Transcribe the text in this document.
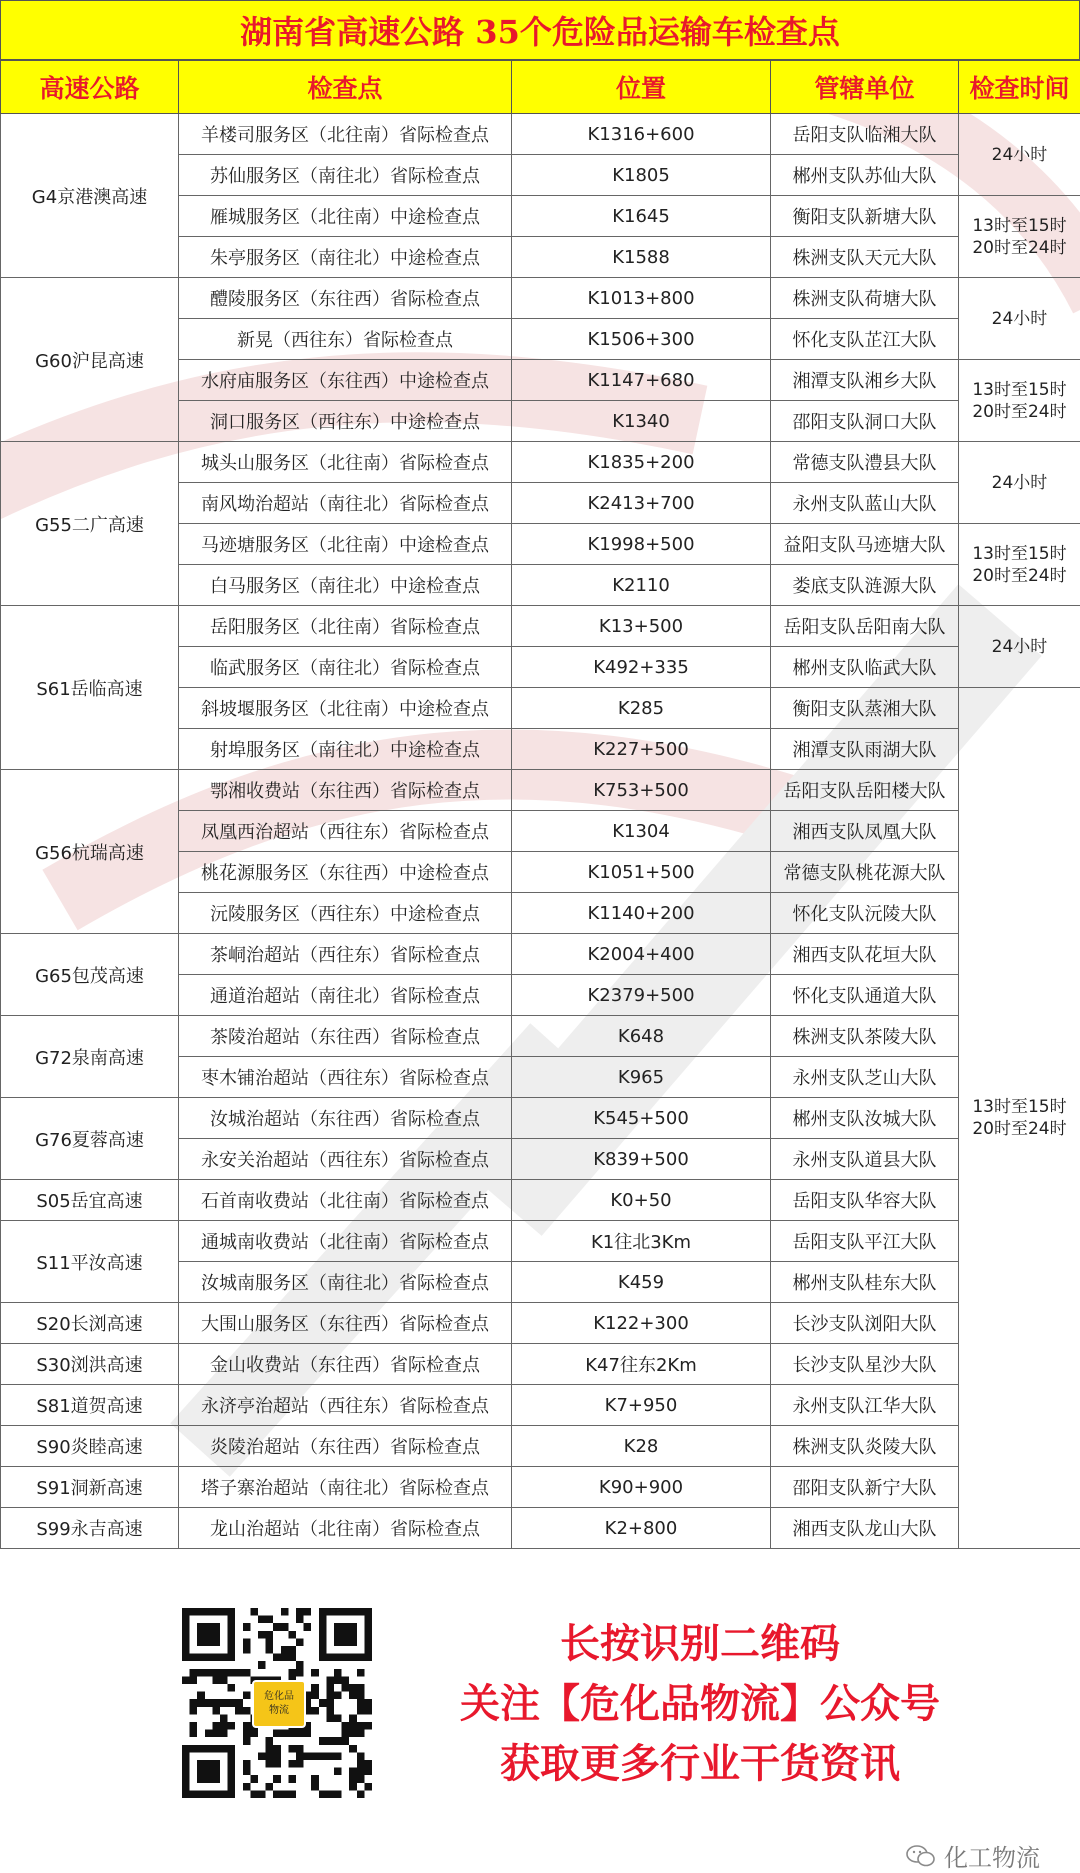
湖南省高速公路 35个危险品运输车检查点
高速公路	检查点	位置	管辖单位	检查时间
G4京港澳高速	羊楼司服务区（北往南）省际检查点	K1316+600	岳阳支队临湘大队	24小时
	苏仙服务区（南往北）省际检查点	K1805	郴州支队苏仙大队	
	雁城服务区（北往南）中途检查点	K1645	衡阳支队新塘大队	13时至15时 20时至24时
	朱亭服务区（南往北）中途检查点	K1588	株洲支队天元大队	
G60沪昆高速	醴陵服务区（东往西）省际检查点	K1013+800	株洲支队荷塘大队	24小时
	新晃（西往东）省际检查点	K1506+300	怀化支队芷江大队	
	水府庙服务区（东往西）中途检查点	K1147+680	湘潭支队湘乡大队	13时至15时 20时至24时
	洞口服务区（西往东）中途检查点	K1340	邵阳支队洞口大队	
G55二广高速	城头山服务区（北往南）省际检查点	K1835+200	常德支队澧县大队	24小时
	南风坳治超站（南往北）省际检查点	K2413+700	永州支队蓝山大队	
	马迹塘服务区（北往南）中途检查点	K1998+500	益阳支队马迹塘大队	13时至15时 20时至24时
	白马服务区（南往北）中途检查点	K2110	娄底支队涟源大队	
S61岳临高速	岳阳服务区（北往南）省际检查点	K13+500	岳阳支队岳阳南大队	24小时
	临武服务区（南往北）省际检查点	K492+335	郴州支队临武大队	
	斜坡堰服务区（北往南）中途检查点	K285	衡阳支队蒸湘大队	13时至15时 20时至24时
	射埠服务区（南往北）中途检查点	K227+500	湘潭支队雨湖大队	
G56杭瑞高速	鄂湘收费站（东往西）省际检查点	K753+500	岳阳支队岳阳楼大队	
	凤凰西治超站（西往东）省际检查点	K1304	湘西支队凤凰大队	
	桃花源服务区（东往西）中途检查点	K1051+500	常德支队桃花源大队	
	沅陵服务区（西往东）中途检查点	K1140+200	怀化支队沅陵大队	
G65包茂高速	茶峒治超站（西往东）省际检查点	K2004+400	湘西支队花垣大队	
	通道治超站（南往北）省际检查点	K2379+500	怀化支队通道大队	
G72泉南高速	茶陵治超站（东往西）省际检查点	K648	株洲支队茶陵大队	
	枣木铺治超站（西往东）省际检查点	K965	永州支队芝山大队	
G76夏蓉高速	汝城治超站（东往西）省际检查点	K545+500	郴州支队汝城大队	
	永安关治超站（西往东）省际检查点	K839+500	永州支队道县大队	
S05岳宜高速	石首南收费站（北往南）省际检查点	K0+50	岳阳支队华容大队	
S11平汝高速	通城南收费站（北往南）省际检查点	K1往北3Km	岳阳支队平江大队	
	汝城南服务区（南往北）省际检查点	K459	郴州支队桂东大队	
S20长浏高速	大围山服务区（东往西）省际检查点	K122+300	长沙支队浏阳大队	
S30浏洪高速	金山收费站（东往西）省际检查点	K47往东2Km	长沙支队星沙大队	
S81道贺高速	永济亭治超站（西往东）省际检查点	K7+950	永州支队江华大队	
S90炎睦高速	炎陵治超站（东往西）省际检查点	K28	株洲支队炎陵大队	
S91洞新高速	塔子寨治超站（南往北）省际检查点	K90+900	邵阳支队新宁大队	
S99永吉高速	龙山治超站（北往南）省际检查点	K2+800	湘西支队龙山大队	
危化品
物流
长按识别二维码
关注【危化品物流】公众号
获取更多行业干货资讯
化工物流
